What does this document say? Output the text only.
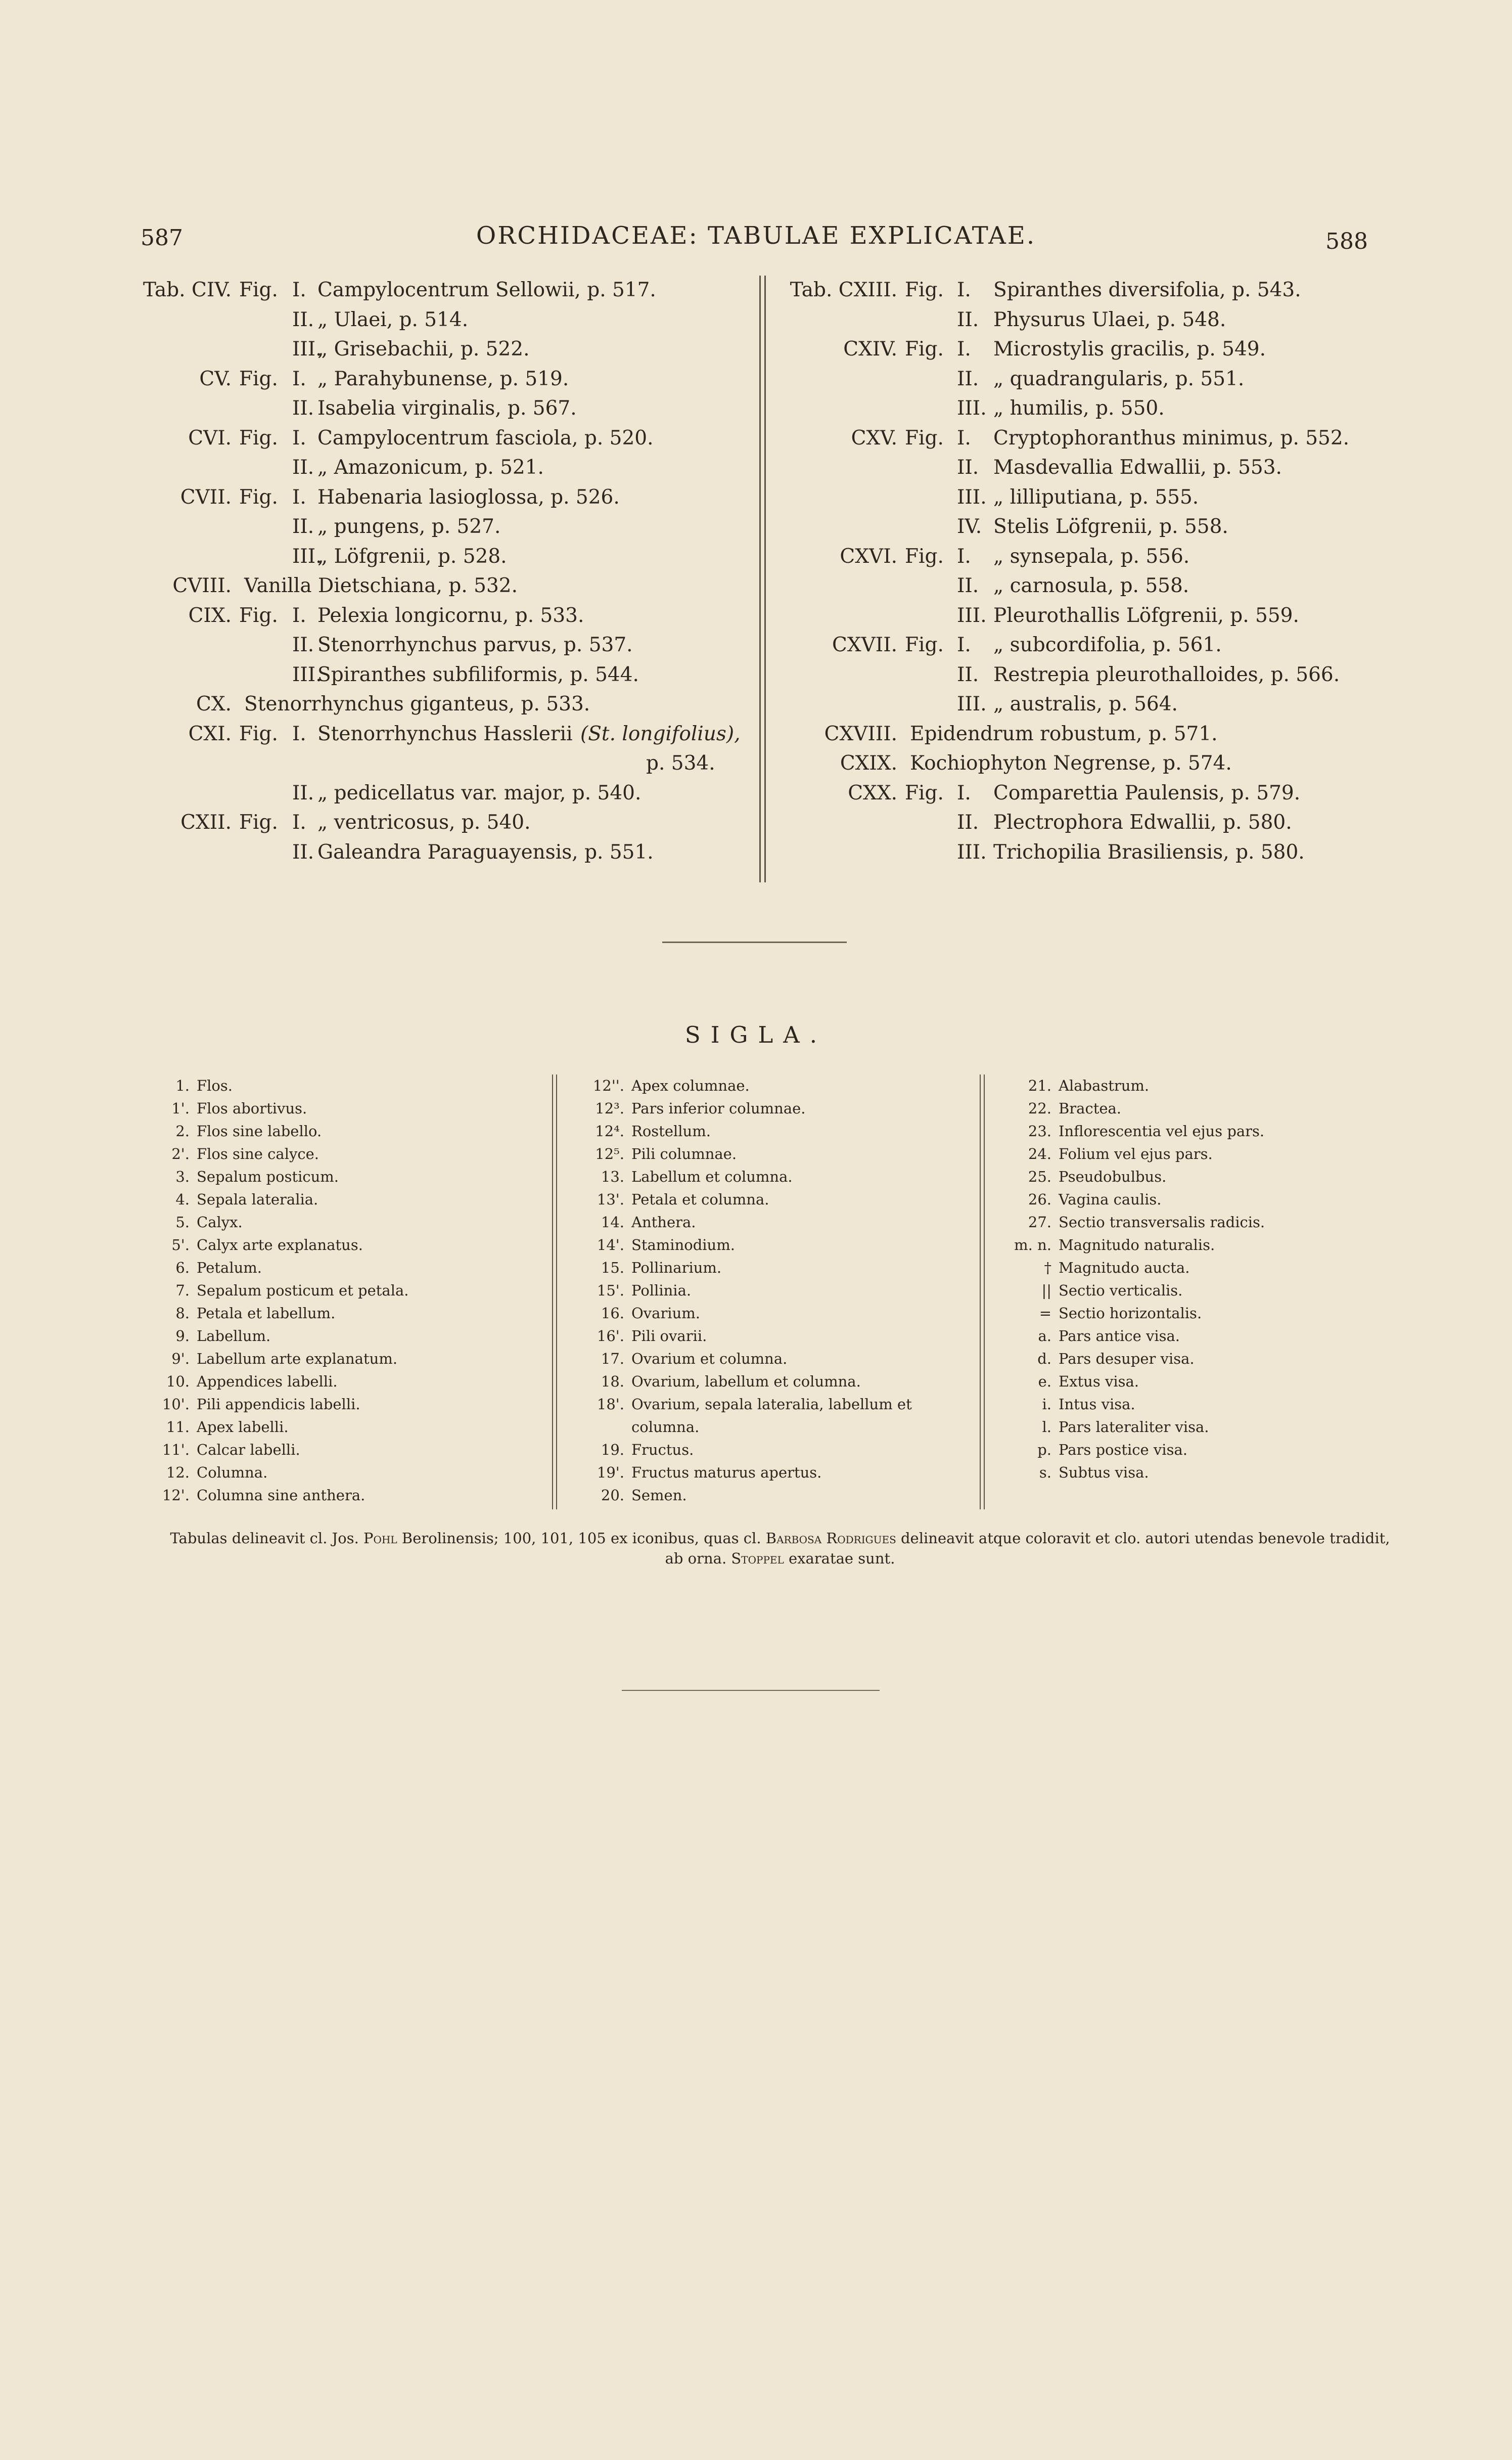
587	ORCHIDACEAE: TABULAE EXPLICATAE.	588
Tab. CIV. Fig. I. Campylocentrum Sellowii, p. 517.
II. „ Ulaei, p. 514.
III.
„ Grisebachii, p. 522.
CV. Fig. I. „ Parahybunense, p. 519.
II. Isabelia virginalis, p. 567.
CVI. Fig. I. Campylocentrum fasciola, p. 520.
II. „ Amazonicum, p. 521.
CVII. Fig. I. Habenaria lasioglossa, p. 526.
II. „ pungens, p. 527.
III.
„ Löfgrenii, p. 528.
CVIII. Vanilla Dietschiana, p. 532.
CIX. Fig. I. Pelexia longicornu, p. 533.
II. Stenorrhynchus parvus, p. 537.
III.
Spiranthes subfiliformis, p. 544.
CX. Stenorrhynchus giganteus, p. 533.
CXI. Fig. I. Stenorrhynchus Hasslerii (St. longifolius),
p. 534.
II. „ pedicellatus var. major, p. 540.
CXII. Fig. I. „ ventricosus, p. 540.
II. Galeandra Paraguayensis, p. 551.
Tab. CXIII. Fig. I. Spiranthes diversifolia, p. 543.
II. Physurus Ulaei, p. 548.
CXIV. Fig. I. Microstylis gracilis, p. 549.
II. „ quadrangularis, p. 551.
III. „ humilis, p. 550.
CXV. Fig. I. Cryptophoranthus minimus, p. 552.
II. Masdevallia Edwallii, p. 553.
III. „ lilliputiana, p. 555.
IV. Stelis Löfgrenii, p. 558.
CXVI. Fig. I. „ synsepala, p. 556.
II. „ carnosula, p. 558.
III. Pleurothallis Löfgrenii, p. 559.
CXVII. Fig. I. „ subcordifolia, p. 561.
II. Restrepia pleurothalloides, p. 566.
III. „ australis, p. 564.
CXVIII. Epidendrum robustum, p. 571.
CXIX. Kochiophyton Negrense, p. 574.
CXX. Fig. I. Comparettia Paulensis, p. 579.
II. Plectrophora Edwallii, p. 580.
III. Trichopilia Brasiliensis, p. 580.
SIGLA.
1. Flos.
1'. Flos abortivus.
2. Flos sine labello.
2'. Flos sine calyce.
3. Sepalum posticum.
4. Sepala lateralia.
5. Calyx.
5'. Calyx arte explanatus.
6. Petalum.
7. Sepalum posticum et petala.
8. Petala et labellum.
9. Labellum.
9'. Labellum arte explanatum.
10. Appendices labelli.
10'. Pili appendicis labelli.
11. Apex labelli.
11'. Calcar labelli.
12. Columna.
12'. Columna sine anthera.
12''. Apex columnae.
12³. Pars inferior columnae.
12⁴. Rostellum.
12⁵. Pili columnae.
13. Labellum et columna.
13'. Petala et columna.
14. Anthera.
14'. Staminodium.
15. Pollinarium.
15'. Pollinia.
16. Ovarium.
16'. Pili ovarii.
17. Ovarium et columna.
18. Ovarium, labellum et columna.
18'. Ovarium, sepala lateralia, labellum et columna.
19. Fructus.
19'. Fructus maturus apertus.
20. Semen.
21. Alabastrum.
22. Bractea.
23. Inflorescentia vel ejus pars.
24. Folium vel ejus pars.
25. Pseudobulbus.
26. Vagina caulis.
27. Sectio transversalis radicis.
m. n. Magnitudo naturalis.
† Magnitudo aucta.
|| Sectio verticalis.
= Sectio horizontalis.
a. Pars antice visa.
d. Pars desuper visa.
e. Extus visa.
i. Intus visa.
l. Pars lateraliter visa.
p. Pars postice visa.
s. Subtus visa.
Tabulas delineavit cl. Jos. Pohl Berolinensis; 100, 101, 105 ex iconibus, quas cl. Barbosa Rodrigues delineavit atque coloravit et clo. autori utendas benevole tradidit, ab orna. Stoppel exaratae sunt.
